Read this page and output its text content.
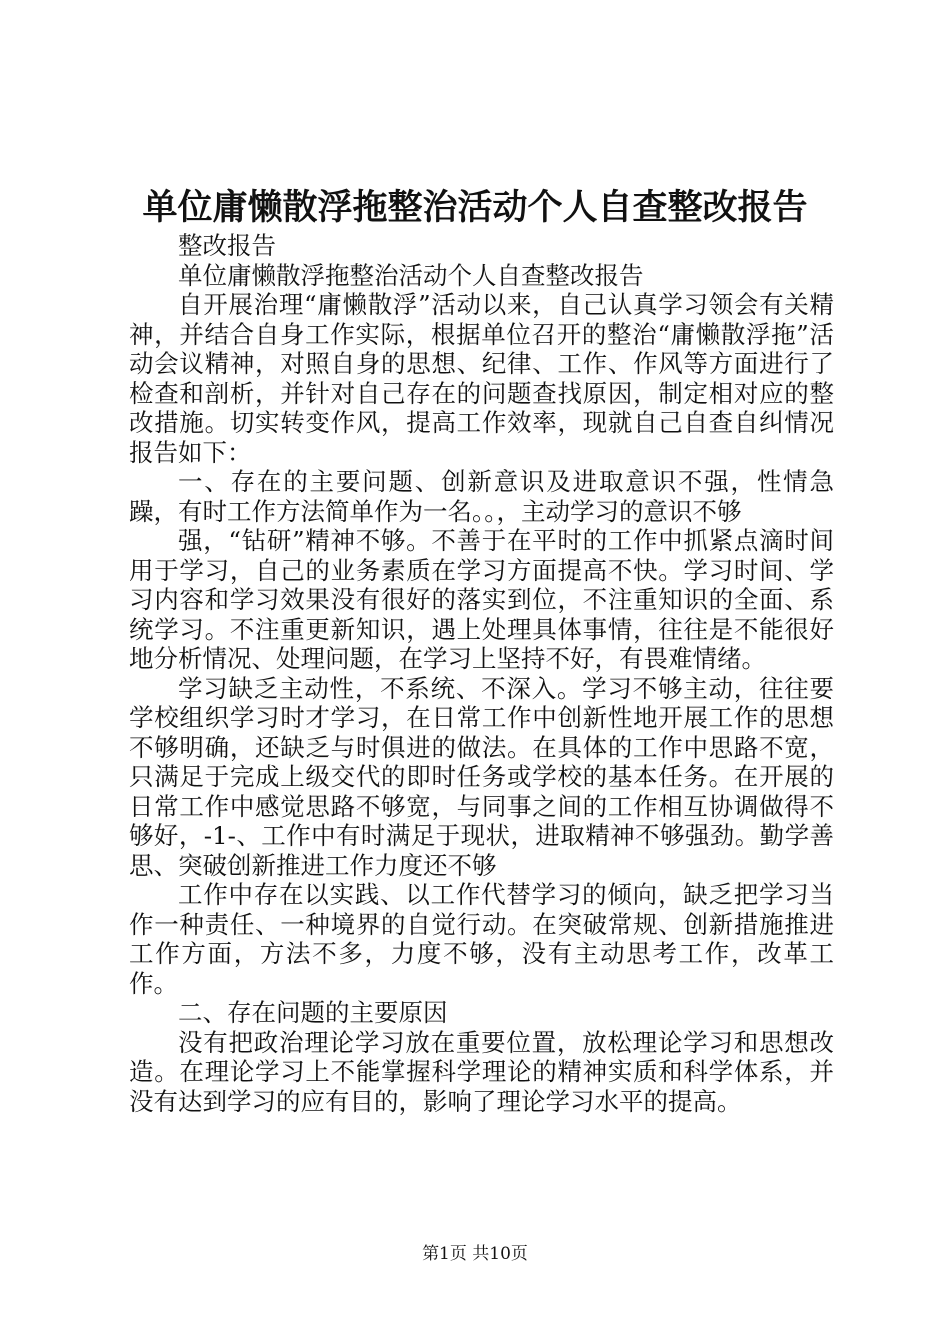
单位庸懒散浮拖整治活动个人自查整改报告

整改报告

单位庸懒散浮拖整治活动个人自查整改报告

自开展治理“庸懒散浮”活动以来，自己认真学习领会有关精神，并结合自身工作实际，根据单位召开的整治“庸懒散浮拖”活动会议精神，对照自身的思想、纪律、工作、作风等方面进行了检查和剖析，并针对自己存在的问题查找原因，制定相对应的整改措施。切实转变作风，提高工作效率，现就自己自查自纠情况报告如下：

一、存在的主要问题、创新意识及进取意识不强，性情急躁，有时工作方法简单作为一名。。，主动学习的意识不够

强，“钻研”精神不够。不善于在平时的工作中抓紧点滴时间用于学习，自己的业务素质在学习方面提高不快。学习时间、学习内容和学习效果没有很好的落实到位，不注重知识的全面、系统学习。不注重更新知识，遇上处理具体事情，往往是不能很好地分析情况、处理问题，在学习上坚持不好，有畏难情绪。

学习缺乏主动性，不系统、不深入。学习不够主动，往往要学校组织学习时才学习，在日常工作中创新性地开展工作的思想不够明确，还缺乏与时俱进的做法。在具体的工作中思路不宽，只满足于完成上级交代的即时任务或学校的基本任务。在开展的日常工作中感觉思路不够宽，与同事之间的工作相互协调做得不够好，-1-、工作中有时满足于现状，进取精神不够强劲。勤学善思、突破创新推进工作力度还不够

工作中存在以实践、以工作代替学习的倾向，缺乏把学习当作一种责任、一种境界的自觉行动。在突破常规、创新措施推进工作方面，方法不多，力度不够，没有主动思考工作，改革工作。

二、存在问题的主要原因

没有把政治理论学习放在重要位置，放松理论学习和思想改造。在理论学习上不能掌握科学理论的精神实质和科学体系，并没有达到学习的应有目的，影响了理论学习水平的提高。

第1页 共10页
